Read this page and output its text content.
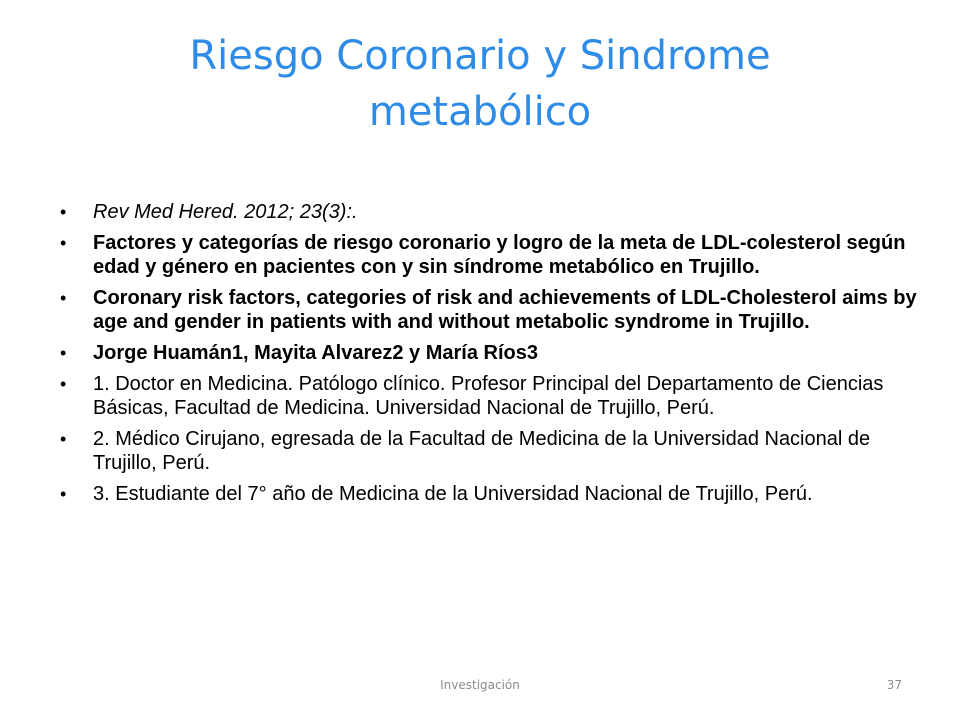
Riesgo Coronario y Sindrome metabólico
•	Rev Med Hered. 2012; 23(3):.
•	Factores y categorías de riesgo coronario y logro de la meta de LDL-colesterol según edad y género en pacientes con y sin síndrome metabólico en Trujillo.
•	Coronary risk factors, categories of risk and achievements of LDL-Cholesterol aims by age and gender in patients with and without metabolic syndrome in Trujillo.
•	Jorge Huamán1, Mayita Alvarez2 y María Ríos3
•	1. Doctor en Medicina. Patólogo clínico. Profesor Principal del Departamento de Ciencias Básicas, Facultad de Medicina. Universidad Nacional de Trujillo, Perú.
•	2. Médico Cirujano, egresada de la Facultad de Medicina de la Universidad Nacional de Trujillo, Perú.
•	3. Estudiante del 7° año de Medicina de la Universidad Nacional de Trujillo, Perú.
Investigación	37
